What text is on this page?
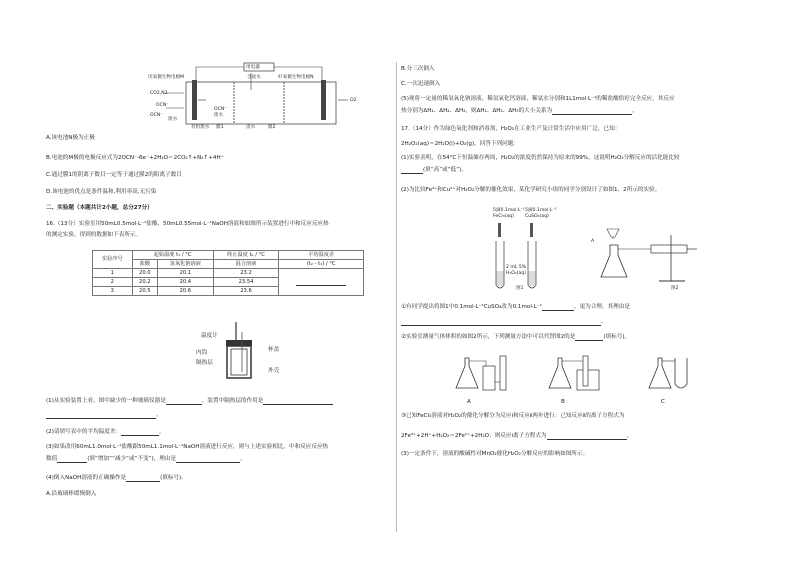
厌氧微生物电极M	好氧微生物电极N
用电器
含盐水
CO2,N2
OCN⁻
OCN⁻
废水
OCN⁻
废水
O2
有机废水 膜1	清水	膜2
A.该电池N极为正极
B.电池的M极的电极反应式为2OCN⁻-6e⁻+2H₂O＝2CO₂↑+N₂↑+4H⁺
C.通过膜1的阴离子数目一定等于通过膜2的阳离子数目
D.该电池的优点是条件温和,利用率高,无污染
二、实验题（本题共计2小题，总分27分）
16.（13分）实验室用50mL0.5mol·L⁻¹盐酸、50mL0.55mol·L⁻¹NaOH溶液和如图所示装置进行中和反应反应热
的测定实验，得到的数据如下表所示。
实验序号	起始温度 t₁ / °C		终止温度 t₂ / °C	平均温度差
	盐酸	氢氧化钠溶液	混合溶液	(t₂ - t₁) / °C
1	20.0	20.1	23.2	
2	20.2	20.4	23.54	
3	20.5	20.6	23.6	
温度计
内筒
隔热层
杯盖
外壳
(1)从实验装置上看，图中缺少的一种玻璃仪器是	，装置中隔热层的作用是
。
(2)请填写表中的平均温度差：	。
(3)如果改用60mL1.0mol·L⁻¹盐酸跟50mL1.1mol·L⁻¹NaOH溶液进行反应，则与上述实验相比，中和反应反应热
数值	(填“增加”“减少”或“不变”)，理由是	。
(4)倒入NaOH溶液的正确操作是	(填标号)。
A.沿玻璃棒缓慢倒入
B.分三次倒入
C.一次迅速倒入
(5)现将一定量的稀氢氧化钠溶液、稀氢氧化钙溶液、稀氨水分别和1L1mol·L⁻¹的稀盐酸恰好完全反应，其反应
热分别为ΔH₁、ΔH₂、ΔH₃，则ΔH₁、ΔH₂、ΔH₃的大小关系为	。
17.（14分）作为绿色氧化剂和消毒剂，H₂O₂在工业生产及日常生活中应用广泛。已知：
2H₂O₂(aq)＝2H₂O(l)+O₂(g)，回答下列问题：
(1)实验表明，在54°C下恒温储存两周，H₂O₂的浓度仍然保持为原来的99%，这说明H₂O₂分解反应的活化能比较
(填“高”或“低”)。
(2)为比较Fe³⁺和Cu²⁺对H₂O₂分解的催化效果，某化学研究小组的同学分别设计了如图1、2所示的实验。
5滴0.1mol·L⁻¹
FeCl₃(aq)
5滴0.1mol·L⁻¹
CuSO₄(aq)
2 mL 5%
H₂O₂(aq)
图1
A
图2
①有同学提出将图1中0.1mol·L⁻¹CuSO₄改为0.1mol·L⁻¹	，更为合理，其理由是
。
②实验室测量气体体积的如图2所示，下列测量方法中可以代替图2的是	(填标号)。
A	B	C
③已知FeCl₃溶液对H₂O₂的催化分解分为反应ⅰ和反应ⅱ两步进行：已知反应ⅱ的离子方程式为
2Fe³⁺+2H⁺+H₂O₂＝2Fe²⁺+2H₂O；则反应ⅰ离子方程式为	。
(3)一定条件下，溶液的酸碱性对MnO₂催化H₂O₂分解反应的影响如图所示。
